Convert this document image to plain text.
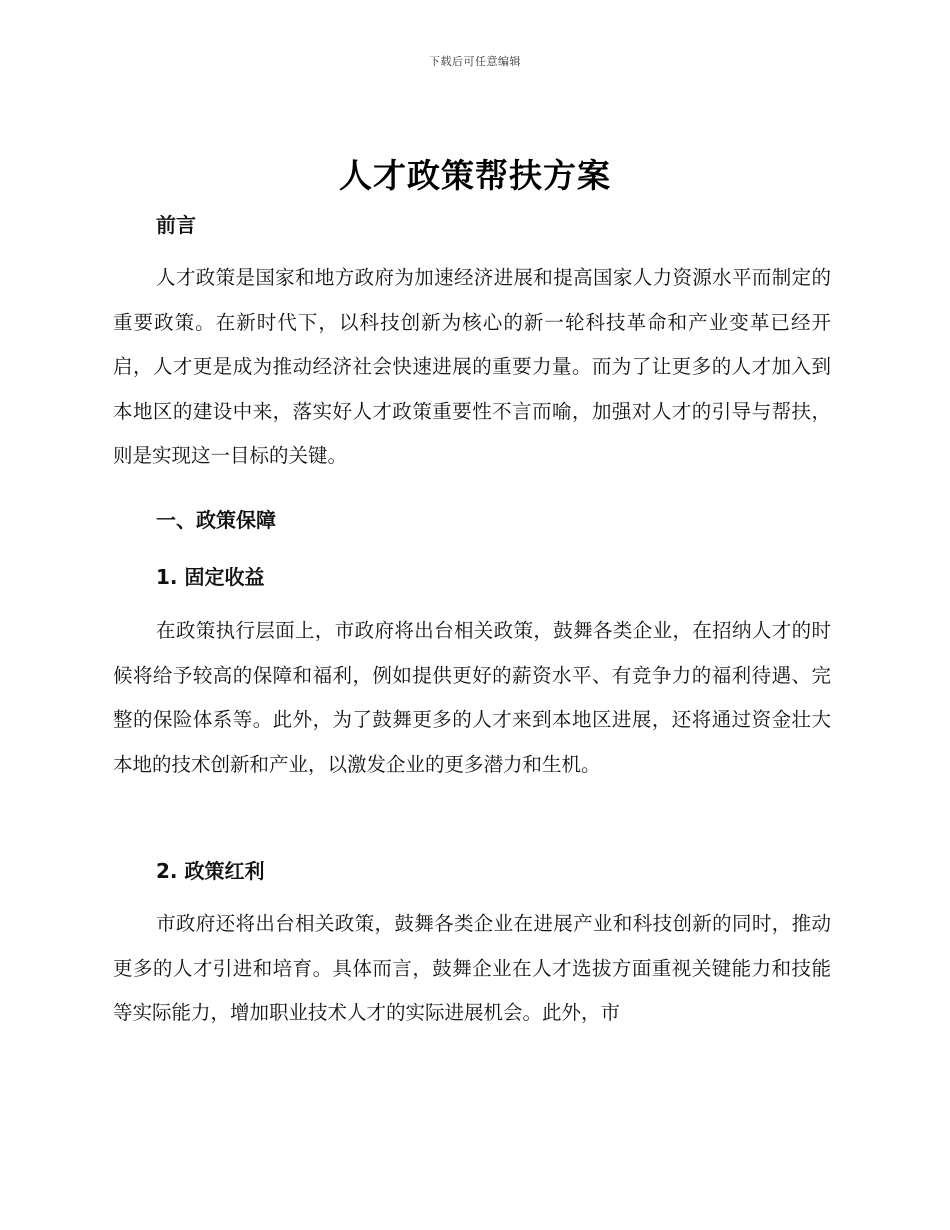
下载后可任意编辑
人才政策帮扶方案
前言

人才政策是国家和地方政府为加速经济进展和提高国家人力资源水平而制定的重要政策。在新时代下，以科技创新为核心的新一轮科技革命和产业变革已经开启，人才更是成为推动经济社会快速进展的重要力量。而为了让更多的人才加入到本地区的建设中来，落实好人才政策重要性不言而喻，加强对人才的引导与帮扶，则是实现这一目标的关键。

一、政策保障
1. 固定收益

在政策执行层面上，市政府将出台相关政策，鼓舞各类企业，在招纳人才的时候将给予较高的保障和福利，例如提供更好的薪资水平、有竞争力的福利待遇、完整的保险体系等。此外，为了鼓舞更多的人才来到本地区进展，还将通过资金壮大本地的技术创新和产业，以激发企业的更多潜力和生机。

2. 政策红利

市政府还将出台相关政策，鼓舞各类企业在进展产业和科技创新的同时，推动更多的人才引进和培育。具体而言，鼓舞企业在人才选拔方面重视关键能力和技能等实际能力，增加职业技术人才的实际进展机会。此外，市
